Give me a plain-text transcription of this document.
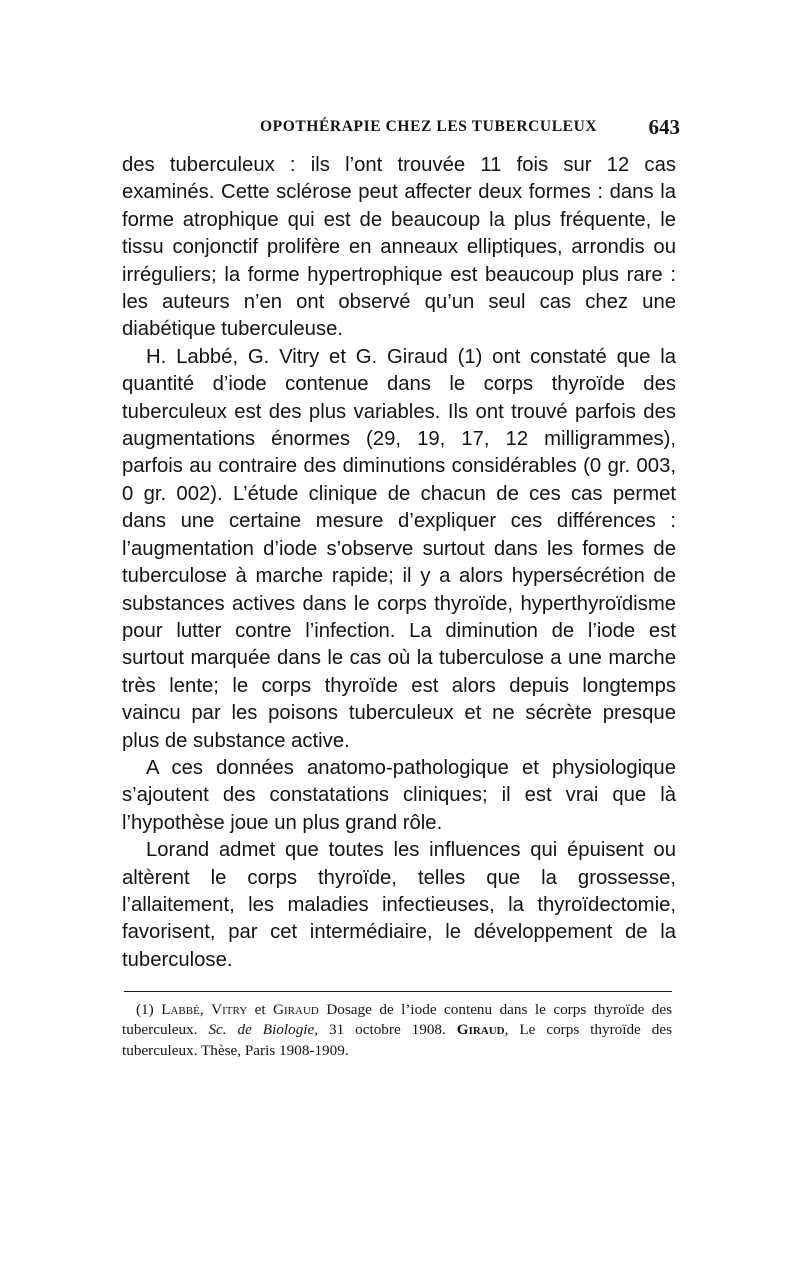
OPOTHÉRAPIE CHEZ LES TUBERCULEUX 643

des tuberculeux : ils l’ont trouvée 11 fois sur 12 cas examinés. Cette sclérose peut affecter deux formes : dans la forme atrophique qui est de beaucoup la plus fréquente, le tissu conjonctif prolifère en anneaux elliptiques, arrondis ou irréguliers; la forme hypertrophique est beaucoup plus rare : les auteurs n’en ont observé qu’un seul cas chez une diabétique tuberculeuse.

H. Labbé, G. Vitry et G. Giraud (1) ont constaté que la quantité d’iode contenue dans le corps thyroïde des tuberculeux est des plus variables. Ils ont trouvé parfois des augmentations énormes (29, 19, 17, 12 milligrammes), parfois au contraire des diminutions considérables (0 gr. 003, 0 gr. 002). L’étude clinique de chacun de ces cas permet dans une certaine mesure d’expliquer ces différences : l’augmentation d’iode s’observe surtout dans les formes de tuberculose à marche rapide; il y a alors hypersécrétion de substances actives dans le corps thyroïde, hyperthyroïdisme pour lutter contre l’infection. La diminution de l’iode est surtout marquée dans le cas où la tuberculose a une marche très lente; le corps thyroïde est alors depuis longtemps vaincu par les poisons tuberculeux et ne sécrète presque plus de substance active.

A ces données anatomo-pathologique et physiologique s’ajoutent des constatations cliniques; il est vrai que là l’hypothèse joue un plus grand rôle.

Lorand admet que toutes les influences qui épuisent ou altèrent le corps thyroïde, telles que la grossesse, l’allaitement, les maladies infectieuses, la thyroïdectomie, favorisent, par cet intermédiaire, le développement de la tuberculose.

(1) Labbé, Vitry et Giraud Dosage de l’iode contenu dans le corps thyroïde des tuberculeux. Sc. de Biologie, 31 octobre 1908. Giraud, Le corps thyroïde des tuberculeux. Thèse, Paris 1908-1909.
